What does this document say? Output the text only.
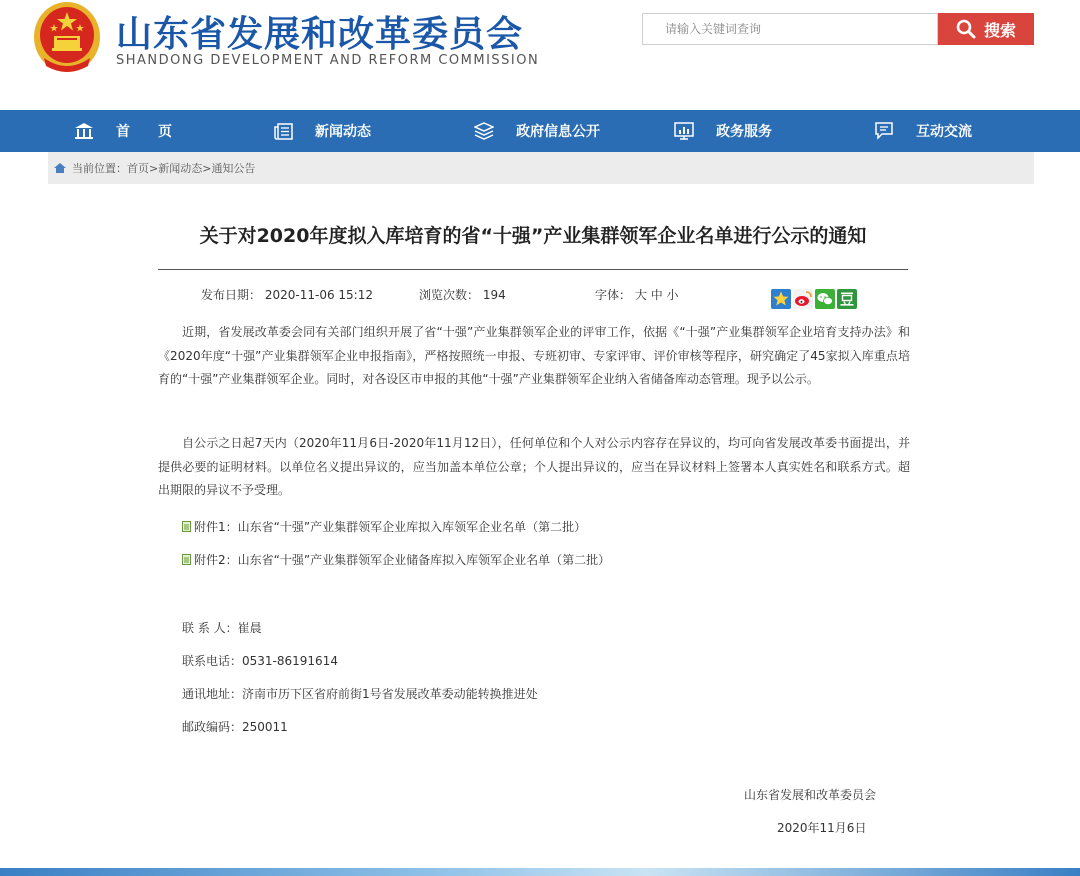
山东省发展和改革委员会
SHANDONG DEVELOPMENT AND REFORM COMMISSION
请输入关键词查询
搜索
首　　页	新闻动态	政府信息公开	政务服务	互动交流
当前位置： 首页 > 新闻动态 > 通知公告
关于对2020年度拟入库培育的省“十强”产业集群领军企业名单进行公示的通知
发布日期： 2020-11-06 15:12	浏览次数： 194	字体： 大 中 小
近期，省发展改革委会同有关部门组织开展了省“十强”产业集群领军企业的评审工作，依据《“十强”产业集群领军企业培育支持办法》和《2020年度“十强”产业集群领军企业申报指南》，严格按照统一申报、专班初审、专家评审、评价审核等程序，研究确定了45家拟入库重点培育的“十强”产业集群领军企业。同时，对各设区市申报的其他“十强”产业集群领军企业纳入省储备库动态管理。现予以公示。
自公示之日起7天内（2020年11月6日-2020年11月12日），任何单位和个人对公示内容存在异议的，均可向省发展改革委书面提出，并提供必要的证明材料。以单位名义提出异议的，应当加盖本单位公章；个人提出异议的，应当在异议材料上签署本人真实姓名和联系方式。超出期限的异议不予受理。
附件1：山东省“十强”产业集群领军企业库拟入库领军企业名单（第二批）
附件2：山东省“十强”产业集群领军企业储备库拟入库领军企业名单（第二批）
联 系 人：崔晨
联系电话：0531-86191614
通讯地址：济南市历下区省府前街1号省发展改革委动能转换推进处
邮政编码：250011
山东省发展和改革委员会
2020年11月6日
